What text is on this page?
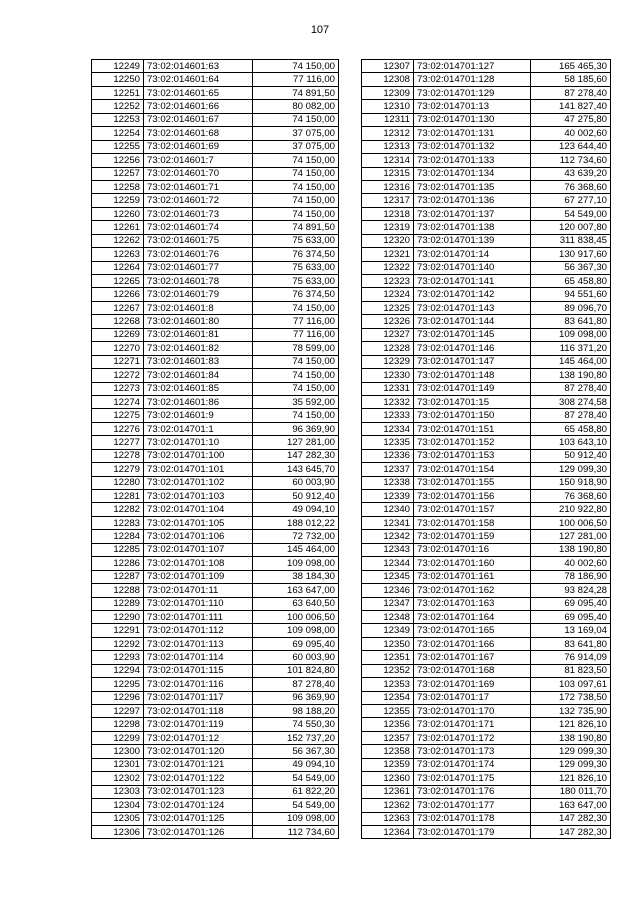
107
12249	73:02:014601:63	74 150,00
12250	73:02:014601:64	77 116,00
12251	73:02:014601:65	74 891,50
12252	73:02:014601:66	80 082,00
12253	73:02:014601:67	74 150,00
12254	73:02:014601:68	37 075,00
12255	73:02:014601:69	37 075,00
12256	73:02:014601:7	74 150,00
12257	73:02:014601:70	74 150,00
12258	73:02:014601:71	74 150,00
12259	73:02:014601:72	74 150,00
12260	73:02:014601:73	74 150,00
12261	73:02:014601:74	74 891,50
12262	73:02:014601:75	75 633,00
12263	73:02:014601:76	76 374,50
12264	73:02:014601:77	75 633,00
12265	73:02:014601:78	75 633,00
12266	73:02:014601:79	76 374,50
12267	73:02:014601:8	74 150,00
12268	73:02:014601:80	77 116,00
12269	73:02:014601:81	77 116,00
12270	73:02:014601:82	78 599,00
12271	73:02:014601:83	74 150,00
12272	73:02:014601:84	74 150,00
12273	73:02:014601:85	74 150,00
12274	73:02:014601:86	35 592,00
12275	73:02:014601:9	74 150,00
12276	73:02:014701:1	96 369,90
12277	73:02:014701:10	127 281,00
12278	73:02:014701:100	147 282,30
12279	73:02:014701:101	143 645,70
12280	73:02:014701:102	60 003,90
12281	73:02:014701:103	50 912,40
12282	73:02:014701:104	49 094,10
12283	73:02:014701:105	188 012,22
12284	73:02:014701:106	72 732,00
12285	73:02:014701:107	145 464,00
12286	73:02:014701:108	109 098,00
12287	73:02:014701:109	38 184,30
12288	73:02:014701:11	163 647,00
12289	73:02:014701:110	63 640,50
12290	73:02:014701:111	100 006,50
12291	73:02:014701:112	109 098,00
12292	73:02:014701:113	69 095,40
12293	73:02:014701:114	60 003,90
12294	73:02:014701:115	101 824,80
12295	73:02:014701:116	87 278,40
12296	73:02:014701:117	96 369,90
12297	73:02:014701:118	98 188,20
12298	73:02:014701:119	74 550,30
12299	73:02:014701:12	152 737,20
12300	73:02:014701:120	56 367,30
12301	73:02:014701:121	49 094,10
12302	73:02:014701:122	54 549,00
12303	73:02:014701:123	61 822,20
12304	73:02:014701:124	54 549,00
12305	73:02:014701:125	109 098,00
12306	73:02:014701:126	112 734,60
12307	73:02:014701:127	165 465,30
12308	73:02:014701:128	58 185,60
12309	73:02:014701:129	87 278,40
12310	73:02:014701:13	141 827,40
12311	73:02:014701:130	47 275,80
12312	73:02:014701:131	40 002,60
12313	73:02:014701:132	123 644,40
12314	73:02:014701:133	112 734,60
12315	73:02:014701:134	43 639,20
12316	73:02:014701:135	76 368,60
12317	73:02:014701:136	67 277,10
12318	73:02:014701:137	54 549,00
12319	73:02:014701:138	120 007,80
12320	73:02:014701:139	311 838,45
12321	73:02:014701:14	130 917,60
12322	73:02:014701:140	56 367,30
12323	73:02:014701:141	65 458,80
12324	73:02:014701:142	94 551,60
12325	73:02:014701:143	89 096,70
12326	73:02:014701:144	83 641,80
12327	73:02:014701:145	109 098,00
12328	73:02:014701:146	116 371,20
12329	73:02:014701:147	145 464,00
12330	73:02:014701:148	138 190,80
12331	73:02:014701:149	87 278,40
12332	73:02:014701:15	308 274,58
12333	73:02:014701:150	87 278,40
12334	73:02:014701:151	65 458,80
12335	73:02:014701:152	103 643,10
12336	73:02:014701:153	50 912,40
12337	73:02:014701:154	129 099,30
12338	73:02:014701:155	150 918,90
12339	73:02:014701:156	76 368,60
12340	73:02:014701:157	210 922,80
12341	73:02:014701:158	100 006,50
12342	73:02:014701:159	127 281,00
12343	73:02:014701:16	138 190,80
12344	73:02:014701:160	40 002,60
12345	73:02:014701:161	78 186,90
12346	73:02:014701:162	93 824,28
12347	73:02:014701:163	69 095,40
12348	73:02:014701:164	69 095,40
12349	73:02:014701:165	13 169,04
12350	73:02:014701:166	83 641,80
12351	73:02:014701:167	76 914,09
12352	73:02:014701:168	81 823,50
12353	73:02:014701:169	103 097,61
12354	73:02:014701:17	172 738,50
12355	73:02:014701:170	132 735,90
12356	73:02:014701:171	121 826,10
12357	73:02:014701:172	138 190,80
12358	73:02:014701:173	129 099,30
12359	73:02:014701:174	129 099,30
12360	73:02:014701:175	121 826,10
12361	73:02:014701:176	180 011,70
12362	73:02:014701:177	163 647,00
12363	73:02:014701:178	147 282,30
12364	73:02:014701:179	147 282,30
